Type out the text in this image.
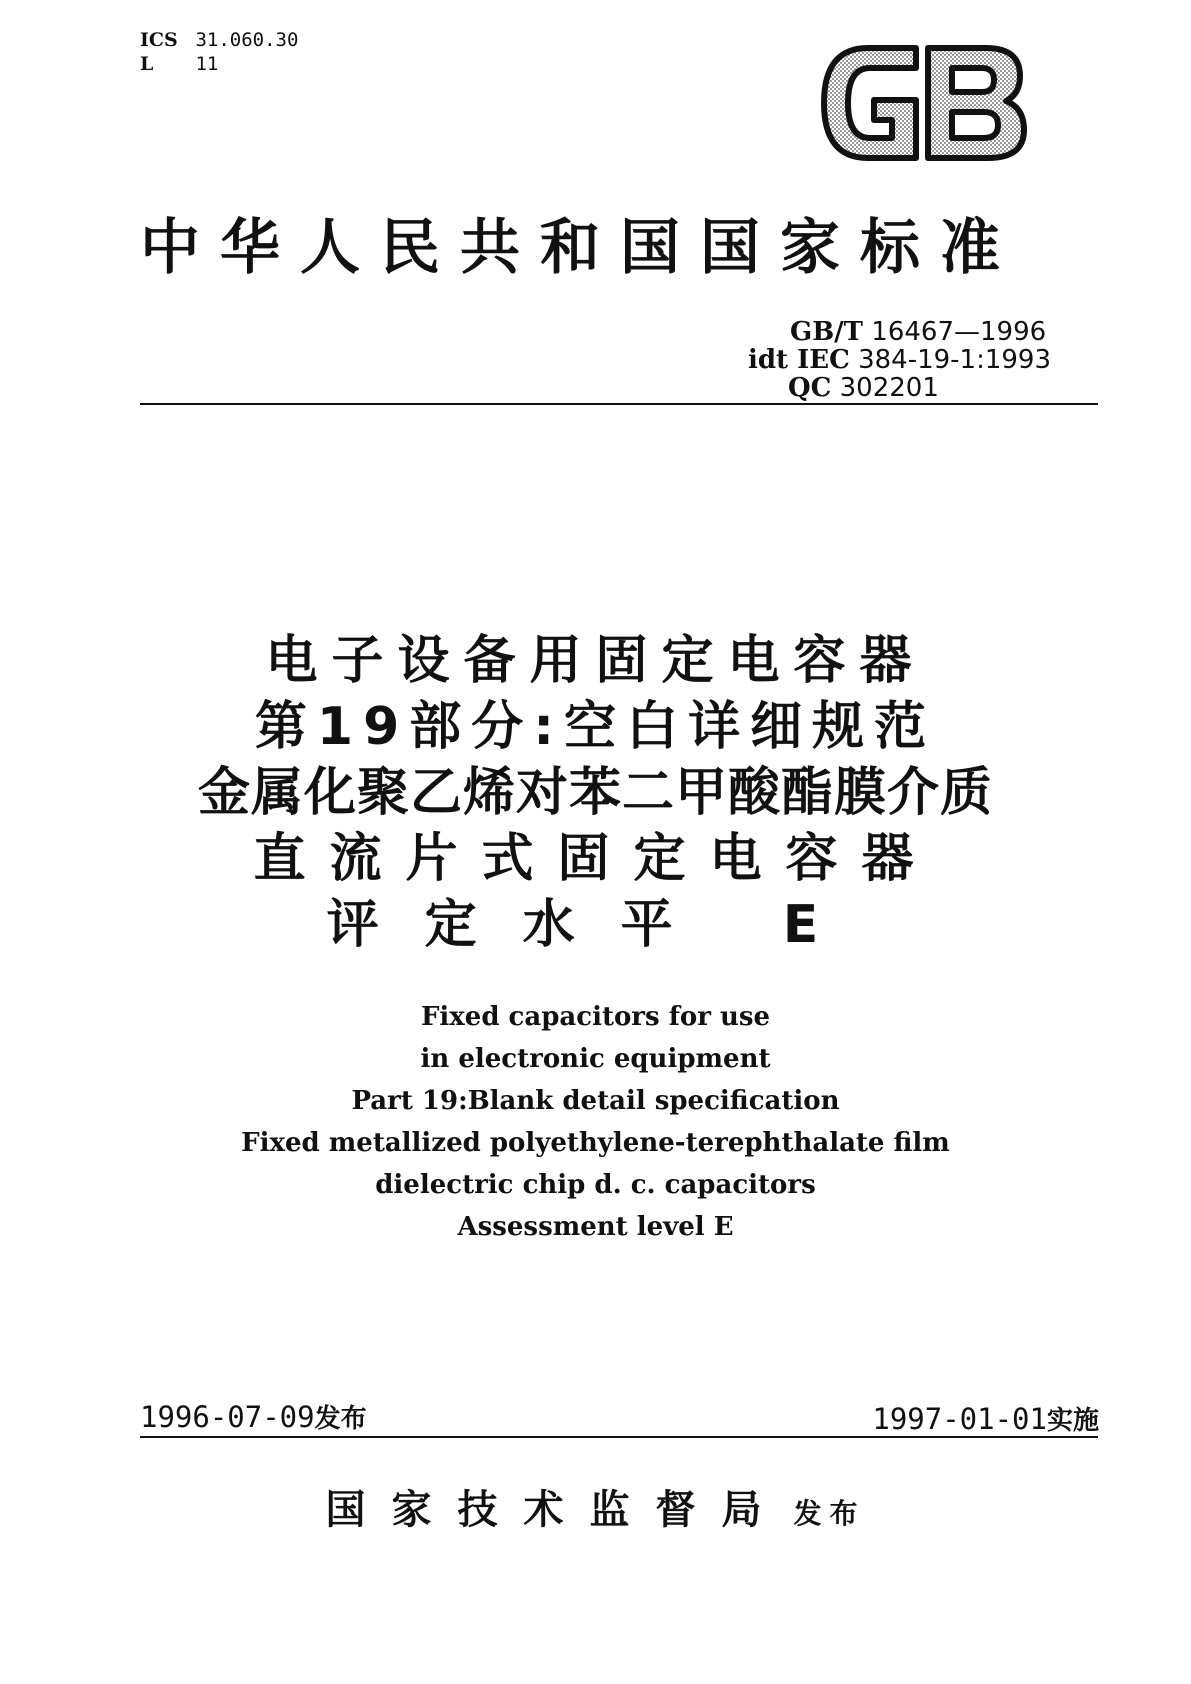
ICS 31.060.30
L 11
中华人民共和国国家标准
GB/T 16467—1996
idt IEC 384-19-1:1993
QC 302201
电子设备用固定电容器
第19部分:空白详细规范
金属化聚乙烯对苯二甲酸酯膜介质
直流片式固定电容器
评定水平 E
Fixed capacitors for use
in electronic equipment
Part 19:Blank detail specification
Fixed metallized polyethylene-terephthalate film
dielectric chip d. c. capacitors
Assessment level E
1996-07-09发布	1997-01-01实施
国家技术监督局 发布
